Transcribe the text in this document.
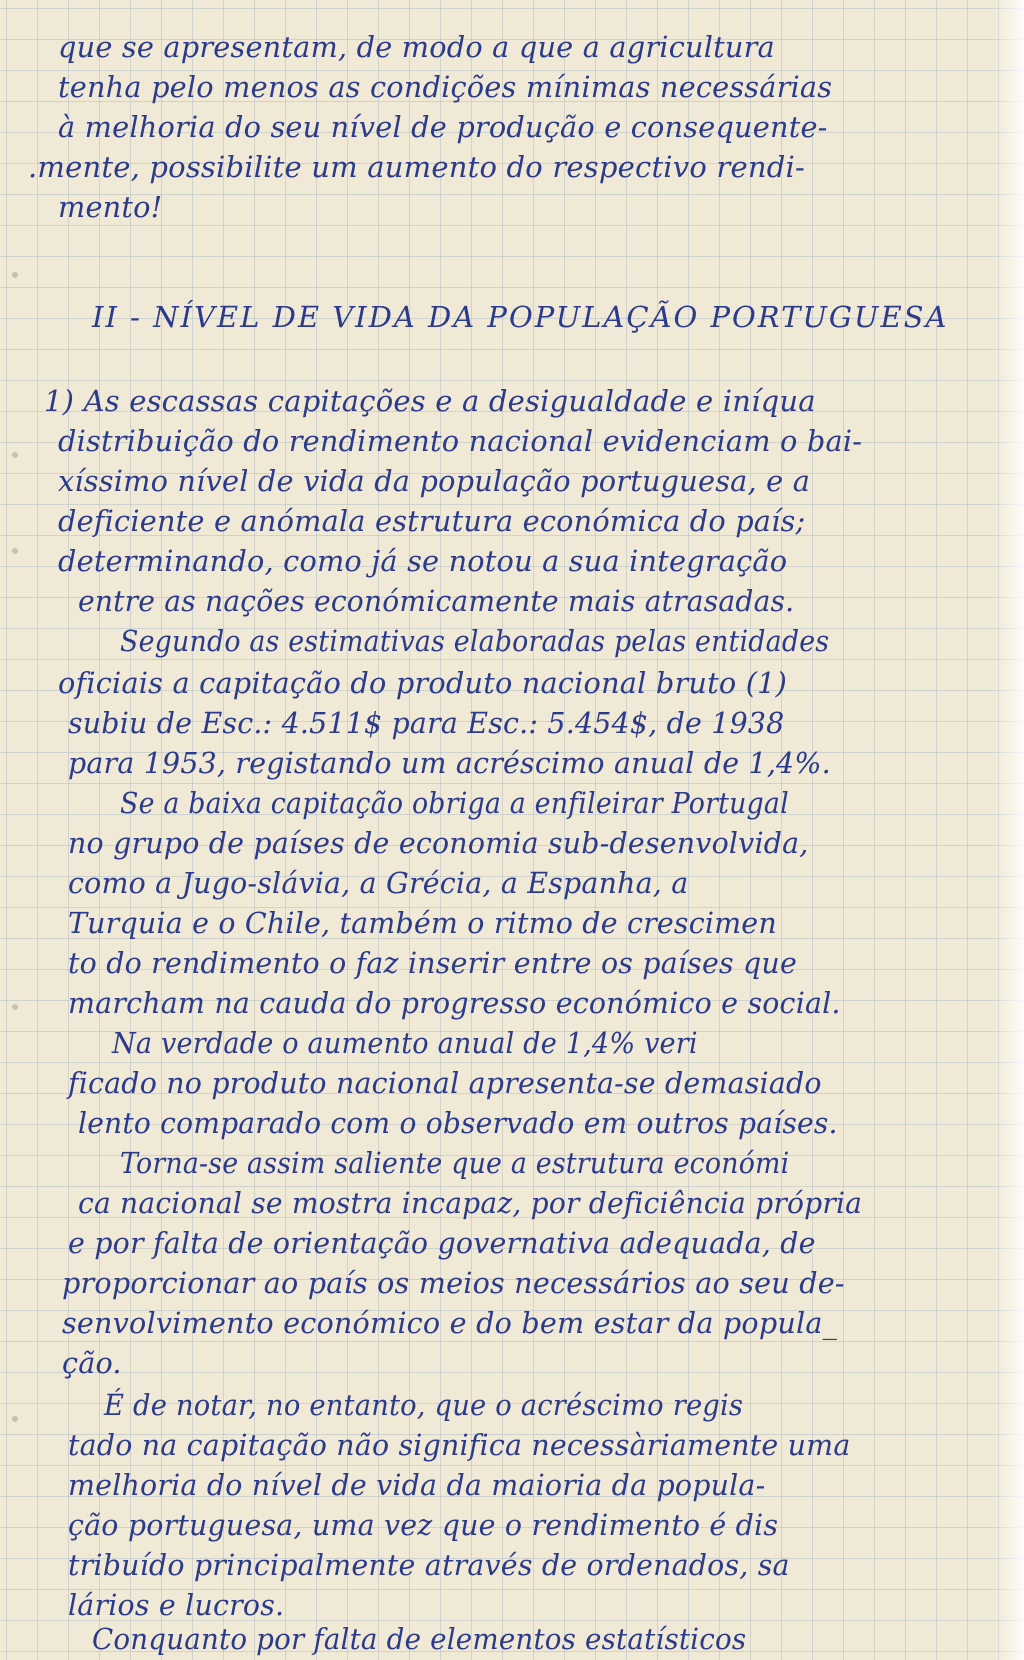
que se apresentam, de modo a que a agricultura
tenha pelo menos as condições mínimas necessárias
à melhoria do seu nível de produção e consequente-
.mente, possibilite um aumento do respectivo rendi-
mento!
II - NÍVEL DE VIDA DA POPULAÇÃO PORTUGUESA
1) As escassas capitações e a desigualdade e iníqua
distribuição do rendimento nacional evidenciam o bai-
xíssimo nível de vida da população portuguesa, e a
deficiente e anómala estrutura económica do país;
determinando, como já se notou a sua integração
entre as nações económicamente mais atrasadas.
Segundo as estimativas elaboradas pelas entidades
oficiais a capitação do produto nacional bruto (1)
subiu de Esc.: 4.511$ para Esc.: 5.454$, de 1938
para 1953, registando um acréscimo anual de 1,4%.
Se a baixa capitação obriga a enfileirar Portugal
no grupo de países de economia sub-desenvolvida,
como a Jugo-slávia, a Grécia, a Espanha, a
Turquia e o Chile, também o ritmo de crescimen
to do rendimento o faz inserir entre os países que
marcham na cauda do progresso económico e social.
Na verdade o aumento anual de 1,4% veri
ficado no produto nacional apresenta-se demasiado
lento comparado com o observado em outros países.
Torna-se assim saliente que a estrutura económi
ca nacional se mostra incapaz, por deficiência própria
e por falta de orientação governativa adequada, de
proporcionar ao país os meios necessários ao seu de-
senvolvimento económico e do bem estar da popula_
ção.
É de notar, no entanto, que o acréscimo regis
tado na capitação não significa necessàriamente uma
melhoria do nível de vida da maioria da popula-
ção portuguesa, uma vez que o rendimento é dis
tribuído principalmente através de ordenados, sa
lários e lucros.
Conquanto por falta de elementos estatísticos
